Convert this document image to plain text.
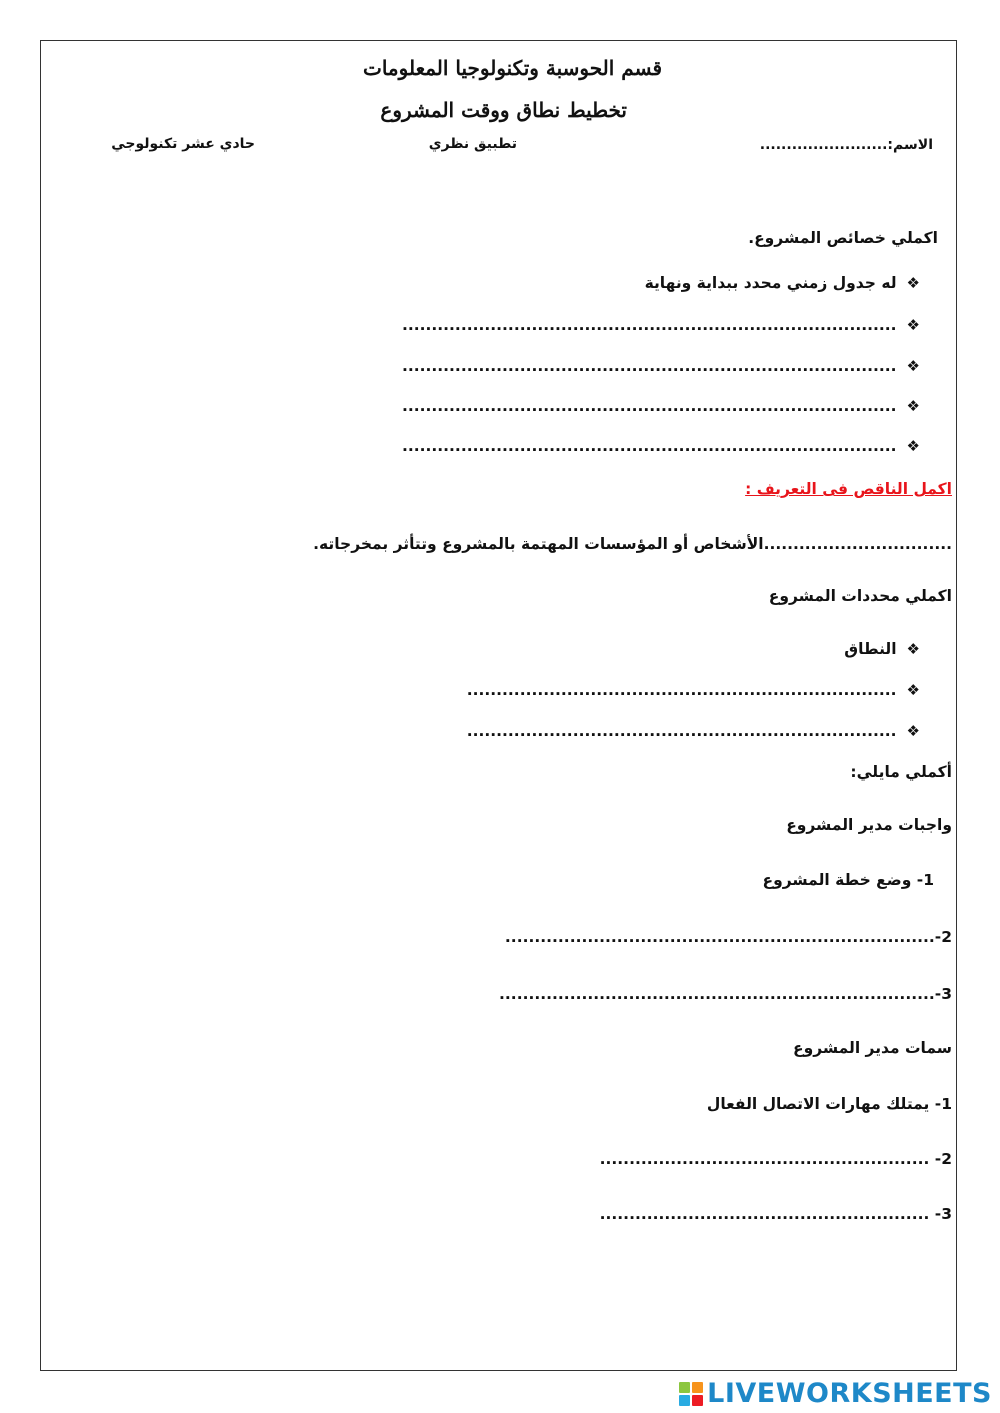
قسم الحوسبة وتكنولوجيا المعلومات
تخطيط نطاق ووقت المشروع
الاسم:........................
تطبيق نظري
حادي عشر تكنولوجي
اكملي خصائص المشروع.
❖له جدول زمني محدد ببداية ونهاية
❖....................................................................................
❖....................................................................................
❖....................................................................................
❖....................................................................................
اكمل الناقص فى التعريف :
................................الأشخاص أو المؤسسات المهتمة بالمشروع وتتأثر بمخرجاته.
اكملي محددات المشروع
❖النطاق
❖.........................................................................
❖.........................................................................
أكملي مايلي:
واجبات مدير المشروع
1- وضع خطة المشروع
2-.........................................................................
3-..........................................................................
سمات مدير المشروع
1- يمتلك مهارات الاتصال الفعال
2- ........................................................
3- ........................................................
LIVEWORKSHEETS
